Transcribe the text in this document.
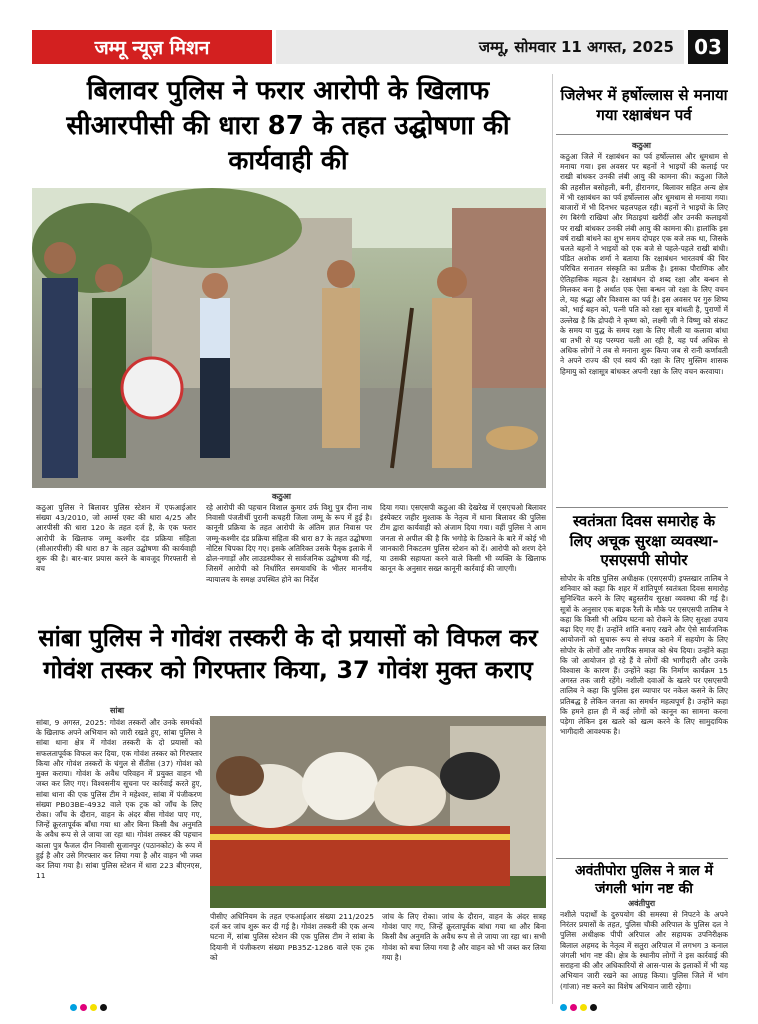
जम्मू न्यूज़ मिशन	जम्मू, सोमवार 11 अगस्त, 2025	03
बिलावर पुलिस ने फरार आरोपी के खिलाफ सीआरपीसी की धारा 87 के तहत उद्घोषणा की कार्यवाही की
कठुआ
कठुआ पुलिस ने बिलावर पुलिस स्टेशन में एफआईआर संख्या 43/2010, जो आर्म्स एक्ट की धारा 4/25 और आरपीसी की धारा 120 के तहत दर्ज है, के एक फरार आरोपी के खिलाफ जम्मू कश्मीर दंड प्रक्रिया संहिता (सीआरपीसी) की धारा 87 के तहत उद्घोषणा की कार्यवाही शुरू की है। बार-बार प्रयास करने के बावजूद गिरफ्तारी से बच
रहे आरोपी की पहचान विशाल कुमार उर्फ विशु पुत्र दीना नाथ निवासी पंजतीर्थी पुरानी कचहरी जिला जम्मू के रूप में हुई है। कानूनी प्रक्रिया के तहत आरोपी के अंतिम ज्ञात निवास पर जम्मू-कश्मीर दंड प्रक्रिया संहिता की धारा 87 के तहत उद्घोषणा नोटिस चिपका दिए गए। इसके अतिरिक्त उसके पैतृक इलाके में ढोल-नगाड़ों और लाउडस्पीकर से सार्वजनिक उद्घोषणा की गई, जिसमें आरोपी को निर्धारित समयावधि के भीतर माननीय न्यायालय के समक्ष उपस्थित होने का निर्देश
दिया गया। एसएसपी कठुआ की देखरेख में एसएचओ बिलावर इंस्पेक्टर जहीर मुश्ताक के नेतृत्व में थाना बिलावर की पुलिस टीम द्वारा कार्यवाही को अंजाम दिया गया। वहीं पुलिस ने आम जनता से अपील की है कि भगोड़े के ठिकाने के बारे में कोई भी जानकारी निकटतम पुलिस स्टेशन को दें। आरोपी को शरण देने या उसकी सहायता करने वाले किसी भी व्यक्ति के खिलाफ कानून के अनुसार सख्त कानूनी कार्रवाई की जाएगी।
सांबा पुलिस ने गोवंश तस्करी के दो प्रयासों को विफल कर गोवंश तस्कर को गिरफ्तार किया, 37 गोवंश मुक्त कराए
सांबा
सांबा, 9 अगस्त, 2025: गोवंश तस्करों और उनके समर्थकों के खिलाफ अपने अभियान को जारी रखते हुए, सांबा पुलिस ने सांबा थाना क्षेत्र में गोवंश तस्करी के दो प्रयासों को सफलतापूर्वक विफल कर दिया, एक गोवंश तस्कर को गिरफ्तार किया और गोवंश तस्करों के चंगुल से सैंतीस (37) गोवंश को मुक्त कराया। गोवंश के अवैध परिवहन में प्रयुक्त वाहन भी जब्त कर लिए गए। विश्वसनीय सूचना पर कार्रवाई करते हुए, सांबा थाना की एक पुलिस टीम ने महेश्वर, सांबा में पंजीकरण संख्या PB03BE-4932 वाले एक ट्रक को जाँच के लिए रोका। जाँच के दौरान, वाहन के अंदर बीस गोवंश पाए गए, जिन्हें क्रूरतापूर्वक बाँधा गया था और बिना किसी वैध अनुमति के अवैध रूप से ले जाया जा रहा था। गोवंश तस्कर की पहचान काला पुत्र फैजल दीन निवासी सुजानपुर (पठानकोट) के रूप में हुई है और उसे गिरफ्तार कर लिया गया है और वाहन भी जब्त कर लिया गया है। सांबा पुलिस स्टेशन में धारा 223 बीएनएस, 11
पीसीए अधिनियम के तहत एफआईआर संख्या 211/2025 दर्ज कर जांच शुरू कर दी गई है। गोवंश तस्करी की एक अन्य घटना में, सांबा पुलिस स्टेशन की एक पुलिस टीम ने सांबा के दियानी में पंजीकरण संख्या PB35Z-1286 वाले एक ट्रक को
जांच के लिए रोका। जांच के दौरान, वाहन के अंदर सत्रह गोवंश पाए गए, जिन्हें क्रूरतापूर्वक बांधा गया था और बिना किसी वैध अनुमति के अवैध रूप से ले जाया जा रहा था। सभी गोवंश को बचा लिया गया है और वाहन को भी जब्त कर लिया गया है।
जिलेभर में हर्षोल्लास से मनाया गया रक्षाबंधन पर्व
कठुआ
कठुआ जिले में रक्षाबंधन का पर्व हर्षोल्लास और धूमधाम से मनाया गया। इस अवसर पर बहनों ने भाइयों की कलाई पर राखी बांधकर उनकी लंबी आयु की कामना की। कठुआ जिले की तहसील बसोहली, बनी, हीरानगर, बिलावर सहित अन्य क्षेत्र में भी रक्षाबंधन का पर्व हर्षोल्लास और धूमधाम से मनाया गया। बाजारों में भी दिनभर चहलपहल रही। बहनों ने भाइयों के लिए रंग बिरंगी राखियां और मिठाइयां खरीदीं और उनकी कलाइयों पर राखी बांधकर उनकी लंबी आयु की कामना की। हालांकि इस वर्ष राखी बांधने का शुभ समय दोपहर एक बजे तक था, जिसके चलते बहनों ने भाइयों को एक बजे से पहले-पहले राखी बांधी। पंडित अशोक शर्मा ने बताया कि रक्षाबंधन भारतवर्ष की चिर परिचित सनातन संस्कृति का प्रतीक है। इसका पौराणिक और ऐतिहासिक महत्व है। रक्षाबंधन दो शब्द रक्षा और बन्धन से मिलकर बना है अर्थात एक ऐसा बन्धन जो रक्षा के लिए वचन ले, यह श्रद्धा और विश्वास का पर्व है। इस अवसर पर गुरु शिष्य को, भाई बहन को, पत्नी पति को रक्षा सूत्र बांधती है, पुराणों में उल्लेख है कि द्रोपदी ने कृष्ण को, लक्ष्मी जी ने विष्णु को संकट के समय या युद्ध के समय रक्षा के लिए मौली या कलावा बांधा था तभी से यह परम्परा चली आ रही है, यह पर्व अधिक से अधिक लोगों ने तब से मनाना शुरू किया जब से रानी कर्णावती ने अपने राज्य की एवं स्वयं की रक्षा के लिए मुस्लिम शासक हिमायु को रक्षासूत्र बांधकर अपनी रक्षा के लिए वचन करवाया।
स्वतंत्रता दिवस समारोह के लिए अचूक सुरक्षा व्यवस्था- एसएसपी सोपोर
सोपोर के वरिष्ठ पुलिस अधीक्षक (एसएसपी) इफ्तखार तालिब ने शनिवार को कहा कि शहर में शांतिपूर्ण स्वतंत्रता दिवस समारोह सुनिश्चित करने के लिए बहुस्तरीय सुरक्षा व्यवस्था की गई है। सूत्रों के अनुसार एक बाइक रैली के मौके पर एसएसपी तालिब ने कहा कि किसी भी अप्रिय घटना को रोकने के लिए सुरक्षा उपाय बढ़ा दिए गए हैं। उन्होंने शांति बनाए रखने और ऐसे सार्वजनिक आयोजनों को सुचारू रूप से संपन्न कराने में सहयोग के लिए सोपोर के लोगों और नागरिक समाज को श्रेय दिया। उन्होंने कहा कि जो आयोजन हो रहे हैं वे लोगों की भागीदारी और उनके विश्वास के कारण हैं। उन्होंने कहा कि निर्माण कार्यक्रम 15 अगस्त तक जारी रहेंगे। नशीली दवाओं के खतरे पर एसएसपी तालिब ने कहा कि पुलिस इस व्यापार पर नकेल कसने के लिए प्रतिबद्ध है लेकिन जनता का समर्थन महत्वपूर्ण है। उन्होंने कहा कि हमने हाल ही में कई लोगों को कानून का सामना करना पड़ेगा लेकिन इस खतरे को खत्म करने के लिए सामुदायिक भागीदारी आवश्यक है।
अवंतीपोरा पुलिस ने त्राल में जंगली भांग नष्ट की
अवंतीपुरा
नशीले पदार्थों के दुरुपयोग की समस्या से निपटने के अपने निरंतर प्रयासों के तहत, पुलिस चौकी अरिपाल के पुलिस दल ने पुलिस अधीक्षक पीपी अरिपाल और सहायक उपनिरीक्षक बिलाल अहमद के नेतृत्व में सतुरा अरिपाल में लगभग 3 कनाल जंगली भांग नष्ट की। क्षेत्र के स्थानीय लोगों ने इस कार्रवाई की सराहना की और अधिकारियों से आस-पास के इलाकों में भी यह अभियान जारी रखने का आग्रह किया। पुलिस जिले में भांग (गांजा) नष्ट करने का विशेष अभियान जारी रहेगा।
